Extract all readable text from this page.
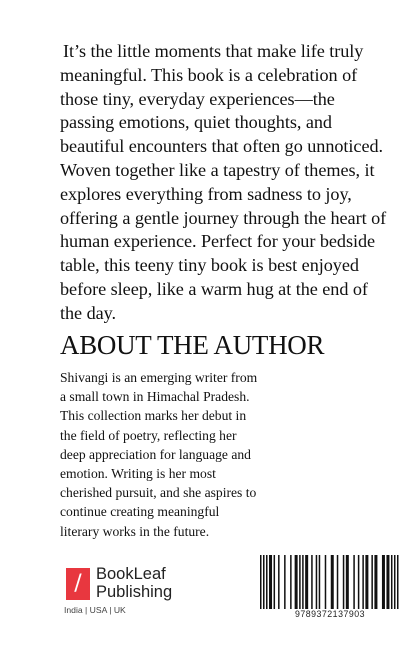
It’s the little moments that make life truly meaningful. This book is a celebration of those tiny, everyday experiences—the passing emotions, quiet thoughts, and beautiful encounters that often go unnoticed. Woven together like a tapestry of themes, it explores everything from sadness to joy, offering a gentle journey through the heart of human experience. Perfect for your bedside table, this teeny tiny book is best enjoyed before sleep, like a warm hug at the end of the day.

ABOUT THE AUTHOR

Shivangi is an emerging writer from a small town in Himachal Pradesh. This collection marks her debut in the field of poetry, reflecting her deep appreciation for language and emotion. Writing is her most cherished pursuit, and she aspires to continue creating meaningful literary works in the future.

/ BookLeaf
Publishing
India | USA | UK	9789372137903
